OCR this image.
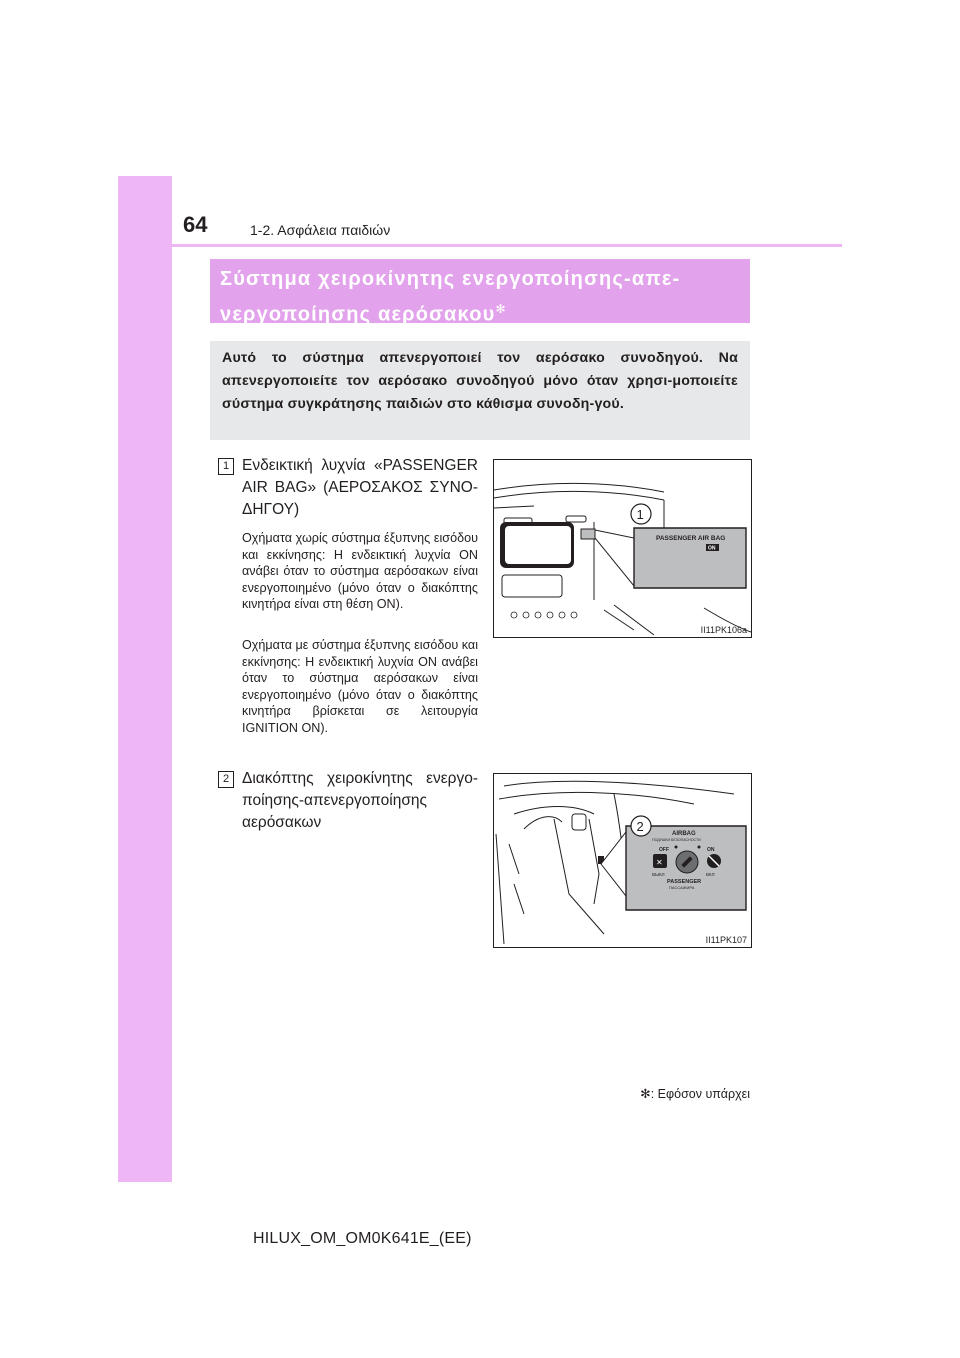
64	1-2. Ασφάλεια παιδιών
Σύστημα χειροκίνητης ενεργοποίησης-απε-
νεργοποίησης αερόσακου✻
Αυτό το σύστημα απενεργοποιεί τον αερόσακο συνοδηγού. Να απενεργοποιείτε τον αερόσακο συνοδηγού μόνο όταν χρησι-μοποιείτε σύστημα συγκράτησης παιδιών στο κάθισμα συνοδη-γού.
1 Ενδεικτική λυχνία «PASSENGER
AIR BAG» (ΑΕΡΟΣΑΚΟΣ ΣΥΝΟ-
ΔΗΓΟΥ)
Οχήματα χωρίς σύστημα έξυπνης εισόδου και εκκίνησης: Η ενδεικτική λυχνία ON ανάβει όταν το σύστημα αερόσακων είναι ενεργοποιημένο (μόνο όταν ο διακόπτης κινητήρα είναι στη θέση ON).
Οχήματα με σύστημα έξυπνης εισόδου και εκκίνησης: Η ενδεικτική λυχνία ON ανάβει όταν το σύστημα αερόσακων είναι ενεργοποιημένο (μόνο όταν ο διακόπτης κινητήρα βρίσκεται σε λειτουργία IGNITION ON).
2 Διακόπτης χειροκίνητης ενεργο-
ποίησης-απενεργοποίησης
αερόσακων
PASSENGER AIR BAG
ON
1
II11PK106a
AIRBAG
ПОДУШКИ БЕЗОПАСНОСТИ
OFF	ON
✕
ВЫКЛ	ВКЛ
PASSENGER
ПАССАЖИРА
2
II11PK107
✻: Εφόσον υπάρχει
HILUX_OM_OM0K641E_(EE)
